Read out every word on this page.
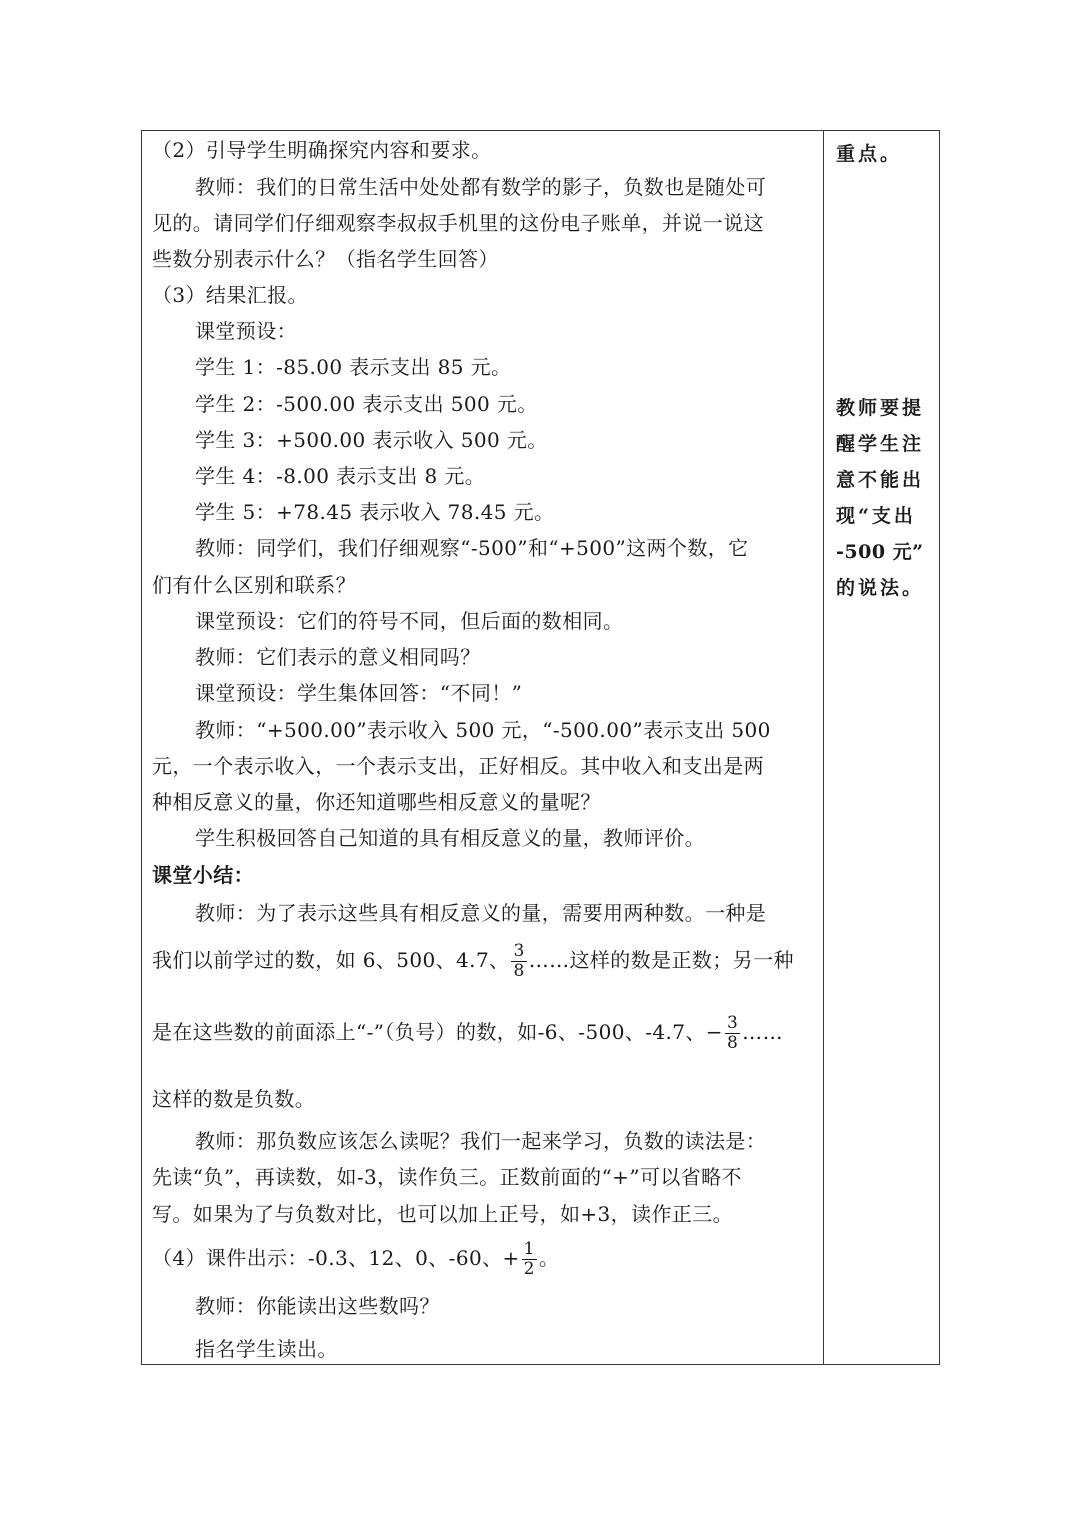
（2）引导学生明确探究内容和要求。
教师：我们的日常生活中处处都有数学的影子，负数也是随处可
见的。请同学们仔细观察李叔叔手机里的这份电子账单，并说一说这
些数分别表示什么？（指名学生回答）
（3）结果汇报。
课堂预设：
学生 1：-85.00 表示支出 85 元。
学生 2：-500.00 表示支出 500 元。
学生 3：+500.00 表示收入 500 元。
学生 4：-8.00 表示支出 8 元。
学生 5：+78.45 表示收入 78.45 元。
教师：同学们，我们仔细观察“-500”和“+500”这两个数，它
们有什么区别和联系？
课堂预设：它们的符号不同，但后面的数相同。
教师：它们表示的意义相同吗？
课堂预设：学生集体回答：“不同！”
教师：“+500.00”表示收入 500 元，“-500.00”表示支出 500
元，一个表示收入，一个表示支出，正好相反。其中收入和支出是两
种相反意义的量，你还知道哪些相反意义的量呢？
学生积极回答自己知道的具有相反意义的量，教师评价。
课堂小结：
教师：为了表示这些具有相反意义的量，需要用两种数。一种是
我们以前学过的数，如 6、500、4.7、 $\frac{3}{8}$ ……这样的数是正数；另一种
是在这些数的前面添上“-”（负号）的数，如-6、-500、-4.7、− $\frac{3}{8}$ ……
这样的数是负数。
教师：那负数应该怎么读呢？我们一起来学习，负数的读法是：
先读“负”，再读数，如-3，读作负三。正数前面的“+”可以省略不
写。如果为了与负数对比，也可以加上正号，如+3，读作正三。
（4）课件出示：-0.3、12、0、-60、+ $\frac{1}{2}$ 。
教师：你能读出这些数吗？
指名学生读出。
重点。
教师要提
醒学生注
意不能出
现“支出
-500 元”
的说法。
